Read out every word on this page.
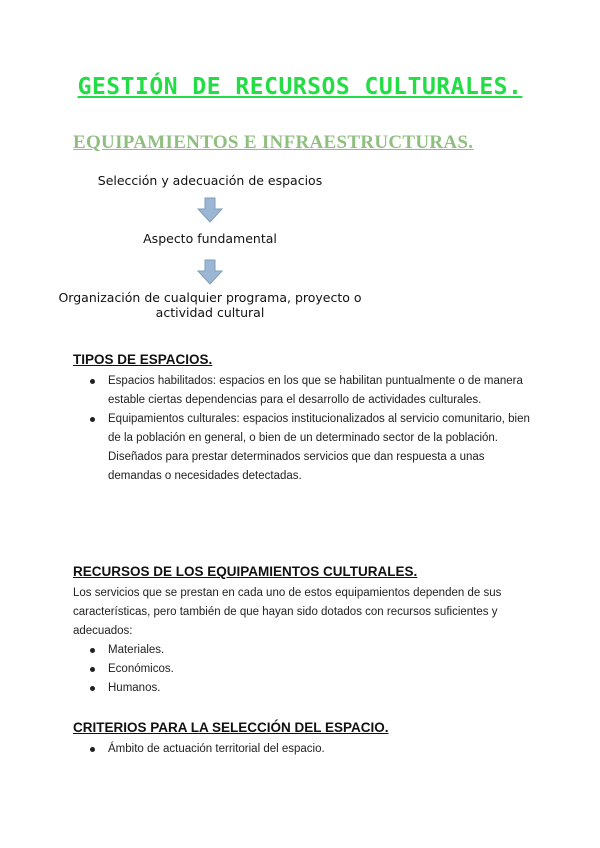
GESTIÓN DE RECURSOS CULTURALES.
EQUIPAMIENTOS E INFRAESTRUCTURAS.
Selección y adecuación de espacios
Aspecto fundamental
Organización de cualquier programa, proyecto o
actividad cultural
TIPOS DE ESPACIOS.
Espacios habilitados: espacios en los que se habilitan puntualmente o de manera estable ciertas dependencias para el desarrollo de actividades culturales.
Equipamientos culturales: espacios institucionalizados al servicio comunitario, bien de la población en general, o bien de un determinado sector de la población. Diseñados para prestar determinados servicios que dan respuesta a unas demandas o necesidades detectadas.
RECURSOS DE LOS EQUIPAMIENTOS CULTURALES.
Los servicios que se prestan en cada uno de estos equipamientos dependen de sus características, pero también de que hayan sido dotados con recursos suficientes y adecuados:
Materiales.
Económicos.
Humanos.
CRITERIOS PARA LA SELECCIÓN DEL ESPACIO.
Ámbito de actuación territorial del espacio.
